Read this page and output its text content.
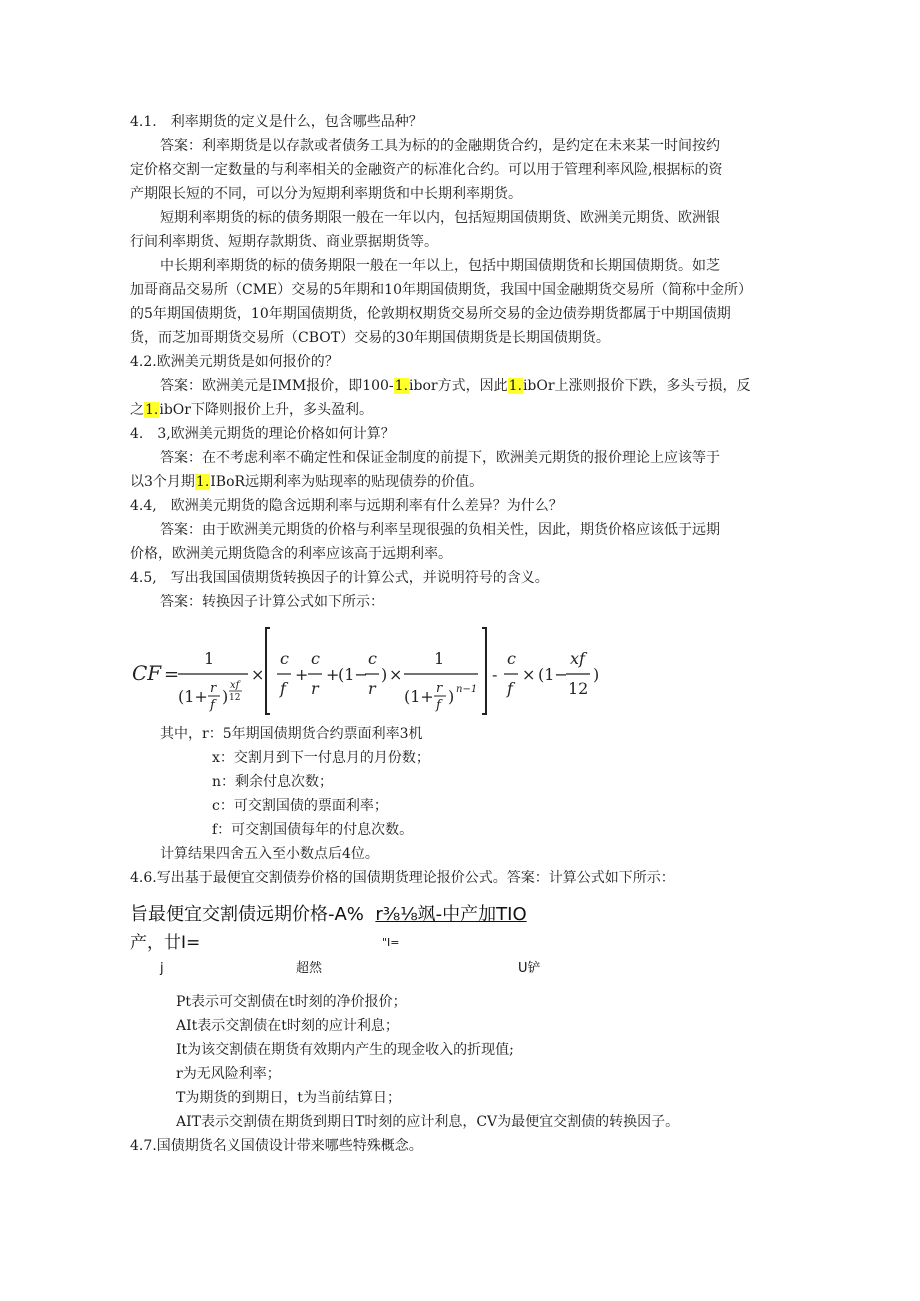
4.1.　利率期货的定义是什么，包含哪些品种？
答案：利率期货是以存款或者债务工具为标的的金融期货合约，是约定在未来某一时间按约
定价格交割一定数量的与利率相关的金融资产的标准化合约。可以用于管理利率风险,根据标的资
产期限长短的不同，可以分为短期利率期货和中长期利率期货。
短期利率期货的标的债务期限一般在一年以内，包括短期国债期货、欧洲美元期货、欧洲银
行间利率期货、短期存款期货、商业票据期货等。
中长期利率期货的标的债务期限一般在一年以上，包括中期国债期货和长期国债期货。如芝
加哥商品交易所（CME）交易的5年期和10年期国债期货，我国中国金融期货交易所（简称中金所）
的5年期国债期货，10年期国债期货，伦敦期权期货交易所交易的金边债券期货都属于中期国债期
货，而芝加哥期货交易所（CBOT）交易的30年期国债期货是长期国债期货。
4.2.欧洲美元期货是如何报价的？
答案：欧洲美元是IMM报价，即100-1.ibor方式，因此1.ibOr上涨则报价下跌，多头亏损，反
之1.ibOr下降则报价上升，多头盈利。
4.　3,欧洲美元期货的理论价格如何计算？
答案：在不考虑利率不确定性和保证金制度的前提下，欧洲美元期货的报价理论上应该等于
以3个月期1.IBoR远期利率为贴现率的贴现债券的价值。
4.4,　欧洲美元期货的隐含远期利率与远期利率有什么差异？为什么？
答案：由于欧洲美元期货的价格与利率呈现很强的负相关性，因此，期货价格应该低于远期
价格，欧洲美元期货隐含的利率应该高于远期利率。
4.5,　写出我国国债期货转换因子的计算公式，并说明符号的含义。
答案：转换因子计算公式如下所示：
CF =
1
(1+ r
f )
xf
12
×
c
f
+
c
r
+
(1−
c
r
) ×
1
(1+ r
f ) n−1
-
c
f
× (1−
xf
12
)
其中，r：5年期国债期货合约票面利率3机
x：交割月到下一付息月的月份数；
n：剩余付息次数；
c：可交割国债的票面利率；
f：可交割国债每年的付息次数。
计算结果四舍五入至小数点后4位。
4.6.写出基于最便宜交割债券价格的国债期货理论报价公式。答案：计算公式如下所示：
旨最便宜交割债远期价格-A% r⅜⅛飒-中产加TIO
产，廿I=	"I=
j	超然	U铲
Pt表示可交割债在t时刻的净价报价；
AIt表示交割债在t时刻的应计利息；
It为该交割债在期货有效期内产生的现金收入的折现值;
r为无风险利率；
T为期货的到期日，t为当前结算日；
AIT表示交割债在期货到期日T时刻的应计利息，CV为最便宜交割债的转换因子。
4.7.国债期货名义国债设计带来哪些特殊概念。
